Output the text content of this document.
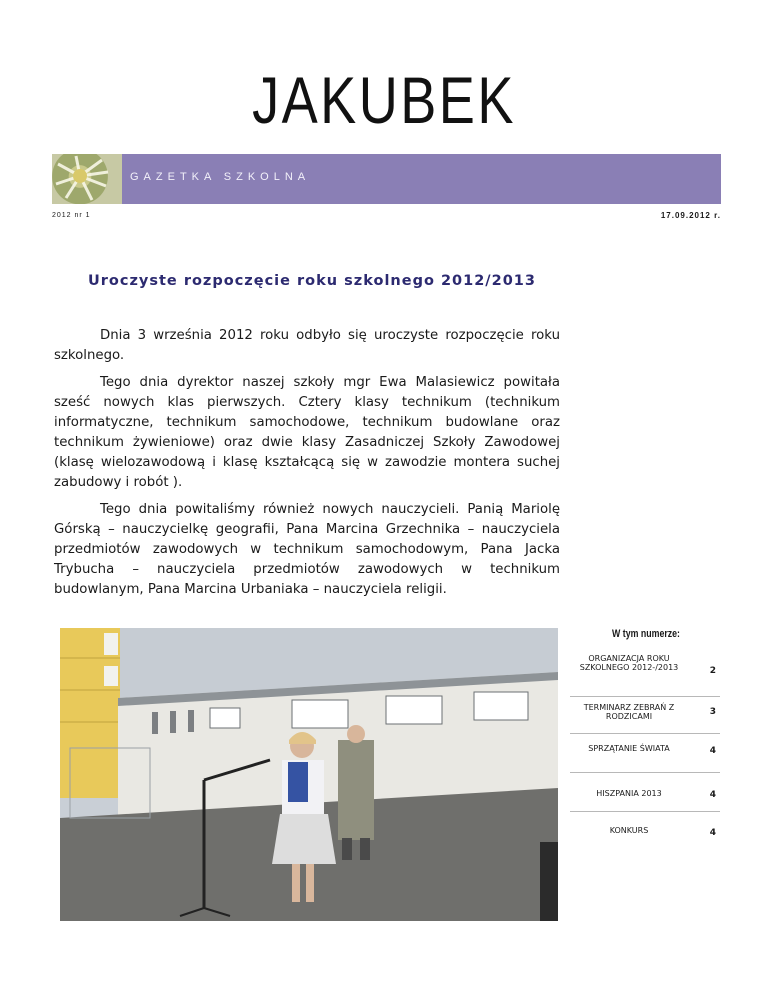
JAKUBEK
GAZETKA SZKOLNA
2012 nr 1	17.09.2012 r.
Uroczyste rozpoczęcie roku szkolnego 2012/2013

Dnia 3 września 2012 roku odbyło się uroczyste rozpoczęcie roku szkolnego.

Tego dnia dyrektor naszej szkoły mgr Ewa Malasiewicz powitała sześć nowych klas pierwszych. Cztery klasy technikum (technikum informatyczne, technikum samochodowe, technikum budowlane oraz technikum żywieniowe) oraz dwie klasy Zasadniczej Szkoły Zawodowej (klasę wielozawodową i klasę kształcącą się w zawodzie montera suchej zabudowy i robót ).

Tego dnia powitaliśmy również nowych nauczycieli. Panią Mariolę Górską – nauczycielkę geografii, Pana Marcina Grzechnika – nauczyciela przedmiotów zawodowych w technikum samochodowym, Pana Jacka Trybucha – nauczyciela przedmiotów zawodowych w technikum budowlanym, Pana Marcina Urbaniaka – nauczyciela religii.

W tym numerze:
ORGANIZACJA ROKU SZKOLNEGO 2012-/2013	2
TERMINARZ ZEBRAŃ Z RODZICAMI	3
SPRZĄTANIE ŚWIATA	4
HISZPANIA 2013	4
KONKURS	4
